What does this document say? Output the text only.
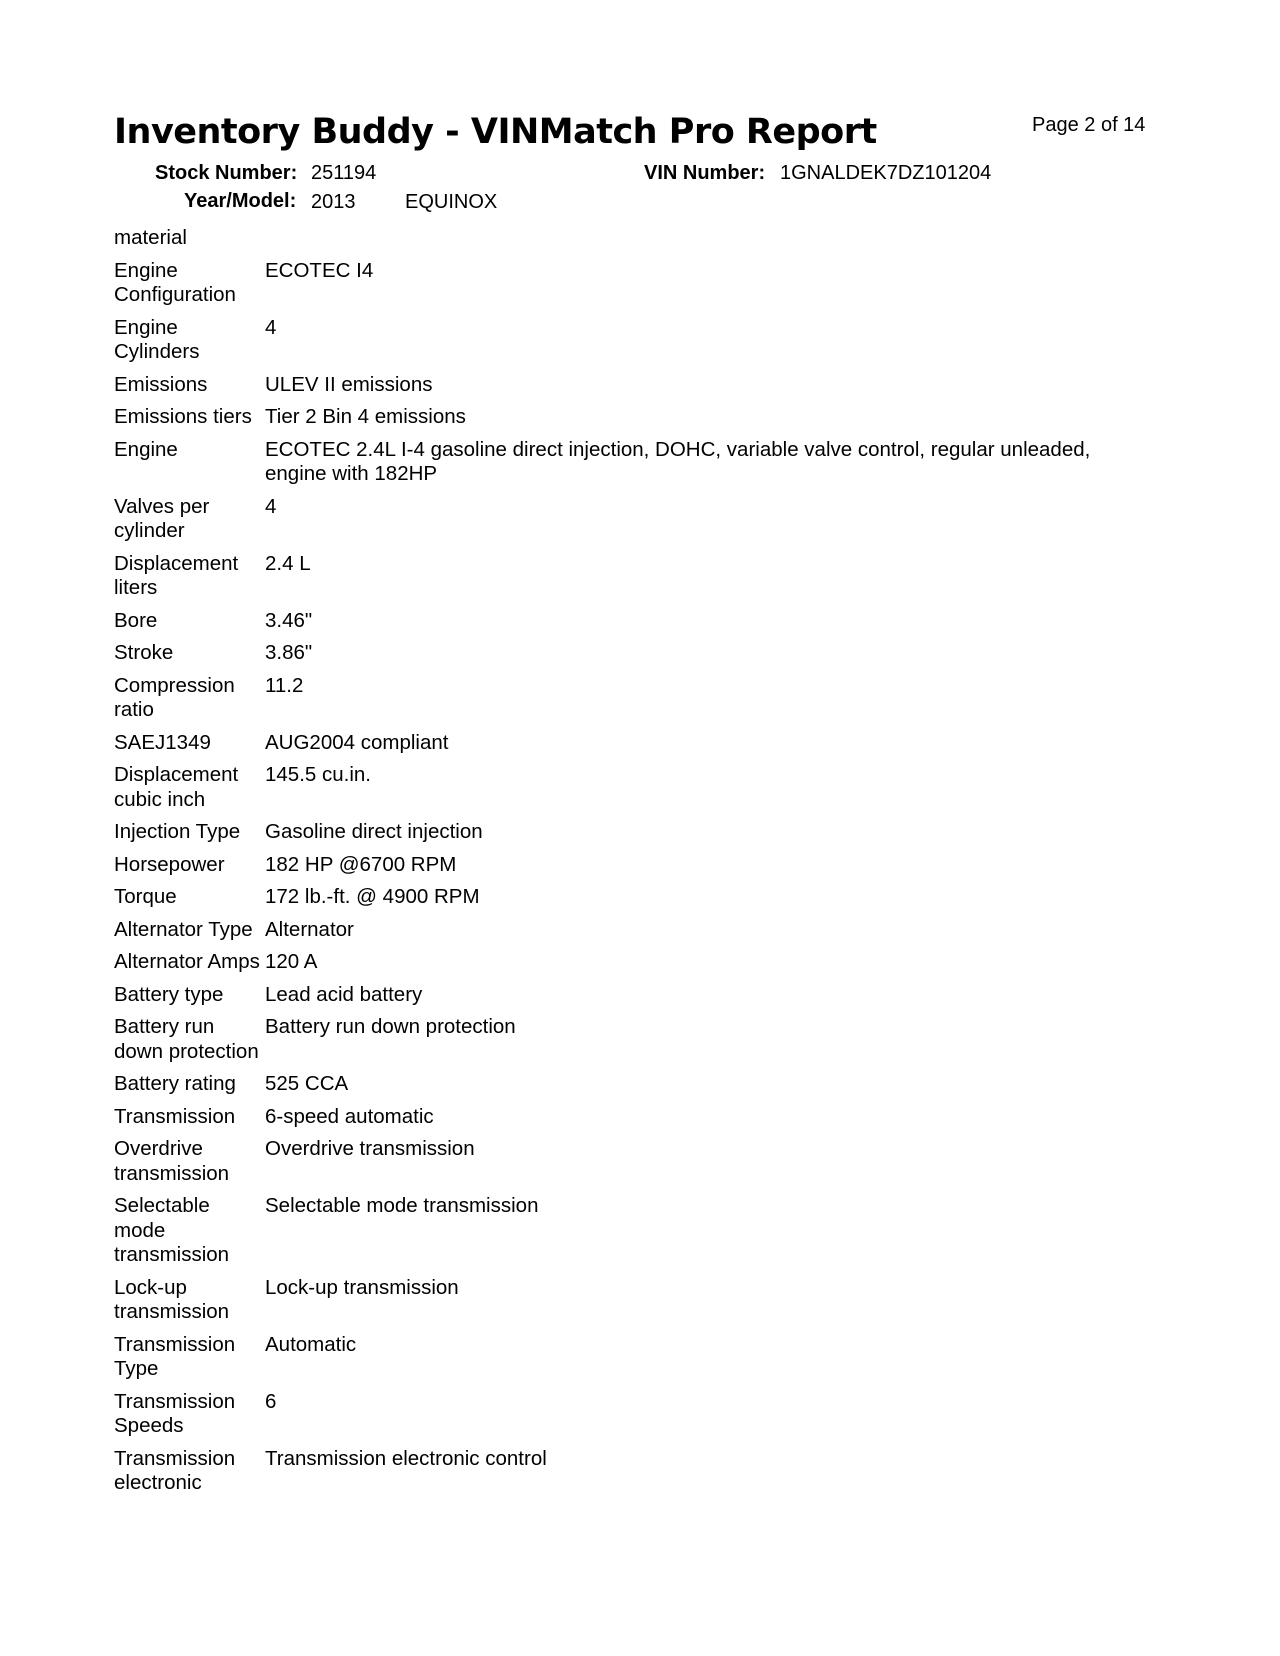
Inventory Buddy - VINMatch Pro Report	Page 2 of 14
Stock Number: 251194	VIN Number: 1GNALDEK7DZ101204
Year/Model: 2013 EQUINOX
material	
Engine Configuration	ECOTEC I4
Engine Cylinders	4
Emissions	ULEV II emissions
Emissions tiers	Tier 2 Bin 4 emissions
Engine	ECOTEC 2.4L I-4 gasoline direct injection, DOHC, variable valve control, regular unleaded, engine with 182HP
Valves per cylinder	4
Displacement liters	2.4 L
Bore	3.46"
Stroke	3.86"
Compression ratio	11.2
SAEJ1349	AUG2004 compliant
Displacement cubic inch	145.5 cu.in.
Injection Type	Gasoline direct injection
Horsepower	182 HP @6700 RPM
Torque	172 lb.-ft. @ 4900 RPM
Alternator Type	Alternator
Alternator Amps	120 A
Battery type	Lead acid battery
Battery run down protection	Battery run down protection
Battery rating	525 CCA
Transmission	6-speed automatic
Overdrive transmission	Overdrive transmission
Selectable mode transmission	Selectable mode transmission
Lock-up transmission	Lock-up transmission
Transmission Type	Automatic
Transmission Speeds	6
Transmission electronic	Transmission electronic control
